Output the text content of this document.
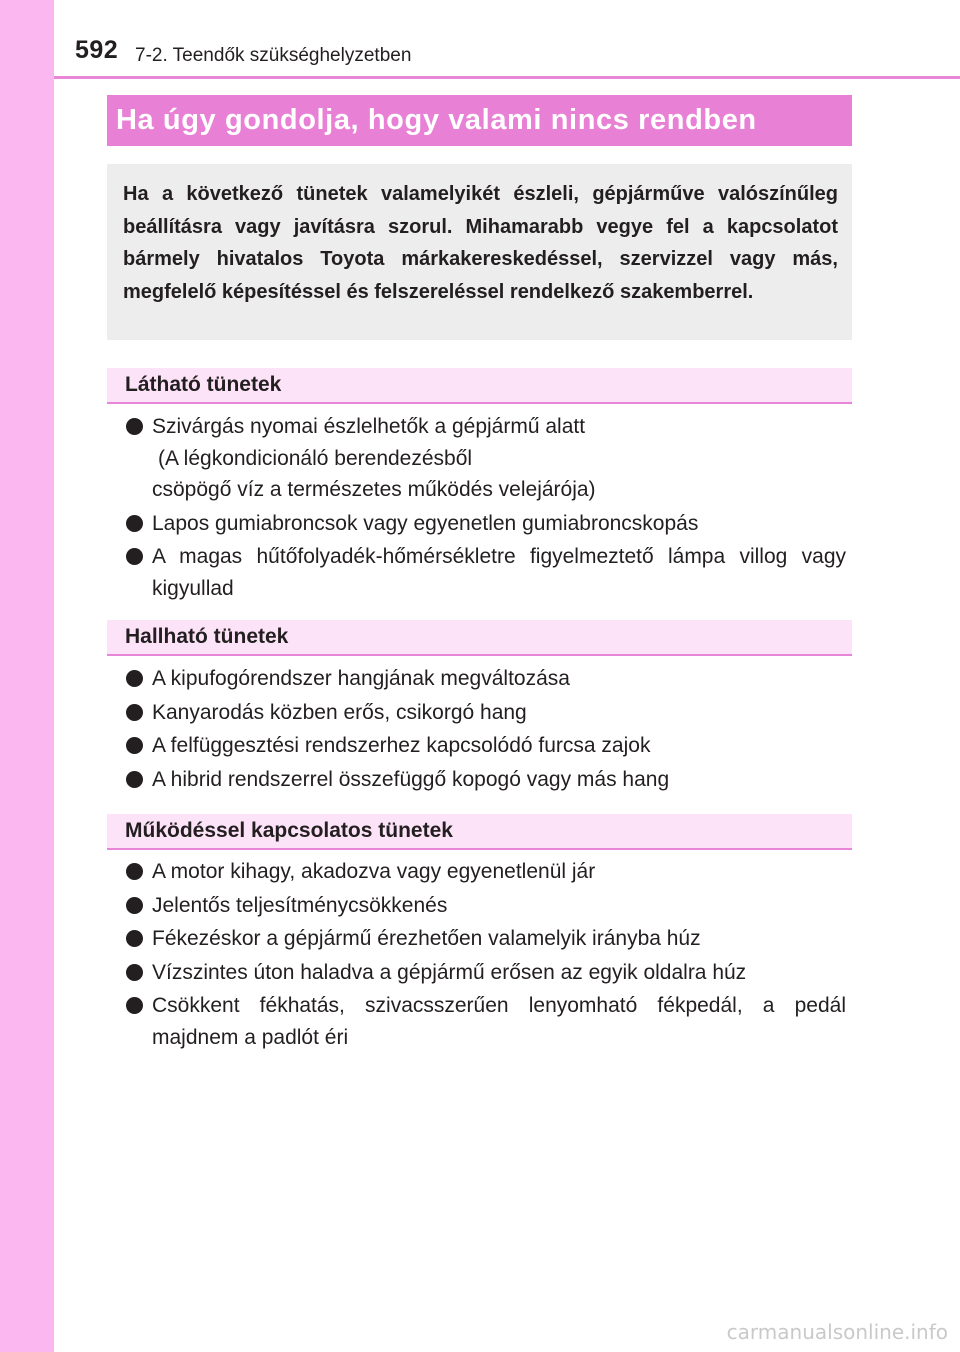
592 7-2. Teendők szükséghelyzetben
Ha úgy gondolja, hogy valami nincs rendben

Ha a következő tünetek valamelyikét észleli, gépjárműve valószínűleg beállításra vagy javításra szorul. Mihamarabb vegye fel a kapcsolatot bármely hivatalos Toyota márkakereskedéssel, szervizzel vagy más, megfelelő képesítéssel és felszereléssel rendelkező szakemberrel.

Látható tünetek
Szivárgás nyomai észlelhetők a gépjármű alatt
(A légkondicionáló berendezésből
csöpögő víz a természetes működés velejárója)
Lapos gumiabroncsok vagy egyenetlen gumiabroncskopás
A magas hűtőfolyadék-hőmérsékletre figyelmeztető lámpa villog vagy kigyullad
Hallható tünetek
A kipufogórendszer hangjának megváltozása
Kanyarodás közben erős, csikorgó hang
A felfüggesztési rendszerhez kapcsolódó furcsa zajok
A hibrid rendszerrel összefüggő kopogó vagy más hang
Működéssel kapcsolatos tünetek
A motor kihagy, akadozva vagy egyenetlenül jár
Jelentős teljesítménycsökkenés
Fékezéskor a gépjármű érezhetően valamelyik irányba húz
Vízszintes úton haladva a gépjármű erősen az egyik oldalra húz
Csökkent fékhatás, szivacsszerűen lenyomható fékpedál, a pedál majdnem a padlót éri
carmanualsonline.info
